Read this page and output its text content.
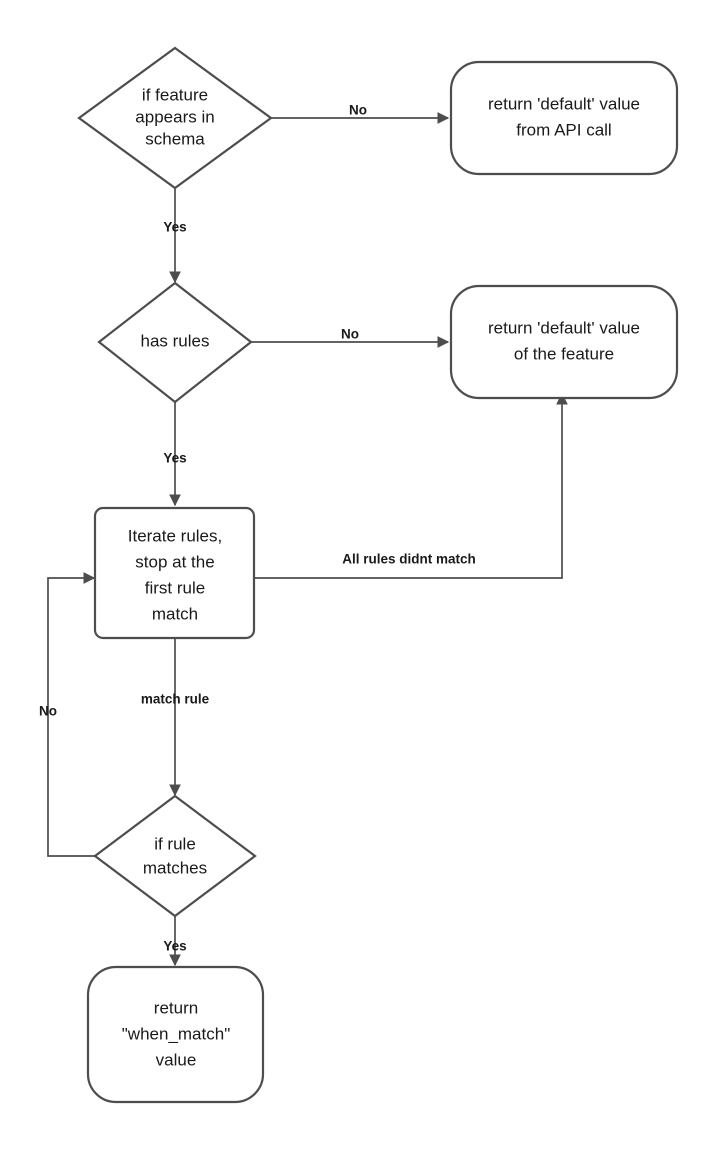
No
Yes
No
Yes
All rules didnt match
match rule
No
Yes
if feature
appears in
schema
return 'default' value
from API call
has rules
return 'default' value
of the feature
Iterate rules,
stop at the
first rule
match
if rule
matches
return
"when_match"
value
